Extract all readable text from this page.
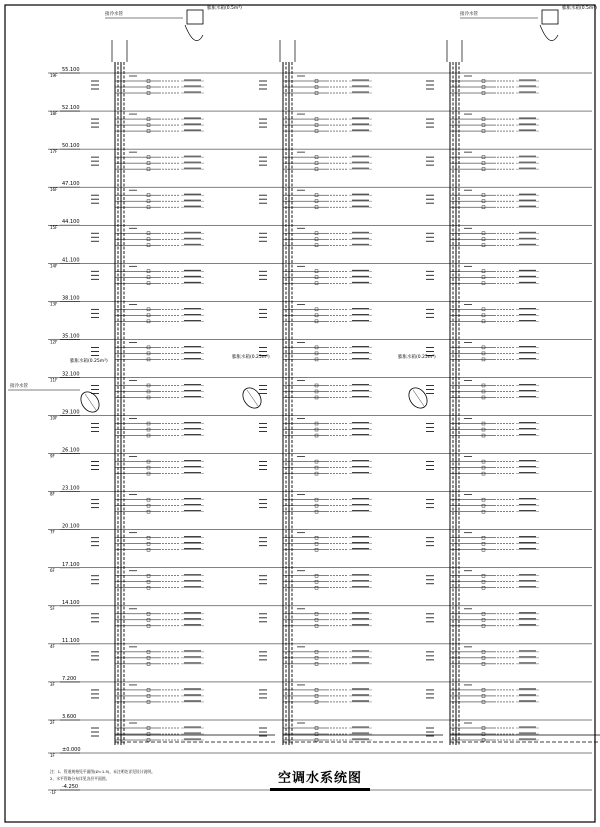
19F
55.100
18F
52.100
17F
50.100
16F
47.100
15F
44.100
14F
41.100
13F
38.100
12F
35.100
11F
32.100
10F
29.100
9F
26.100
8F
23.100
7F
20.100
6F
17.100
5F
14.100
4F
11.100
3F
7.200
2F
3.600
1F
±0.000
-1F
-4.250
膨胀水箱(0.5m³)
接冷水管
膨胀水箱(0.5m³)
接冷水管
膨胀水箱(0.25m³)
膨胀水箱(0.25m³)	膨胀水箱(0.25m³)
接冷水管
注：1、管道规格见平面图(Ø=1.5)，未注明处详见设计说明。
2、水平管路分布详见各层平面图。	空调水系统图
